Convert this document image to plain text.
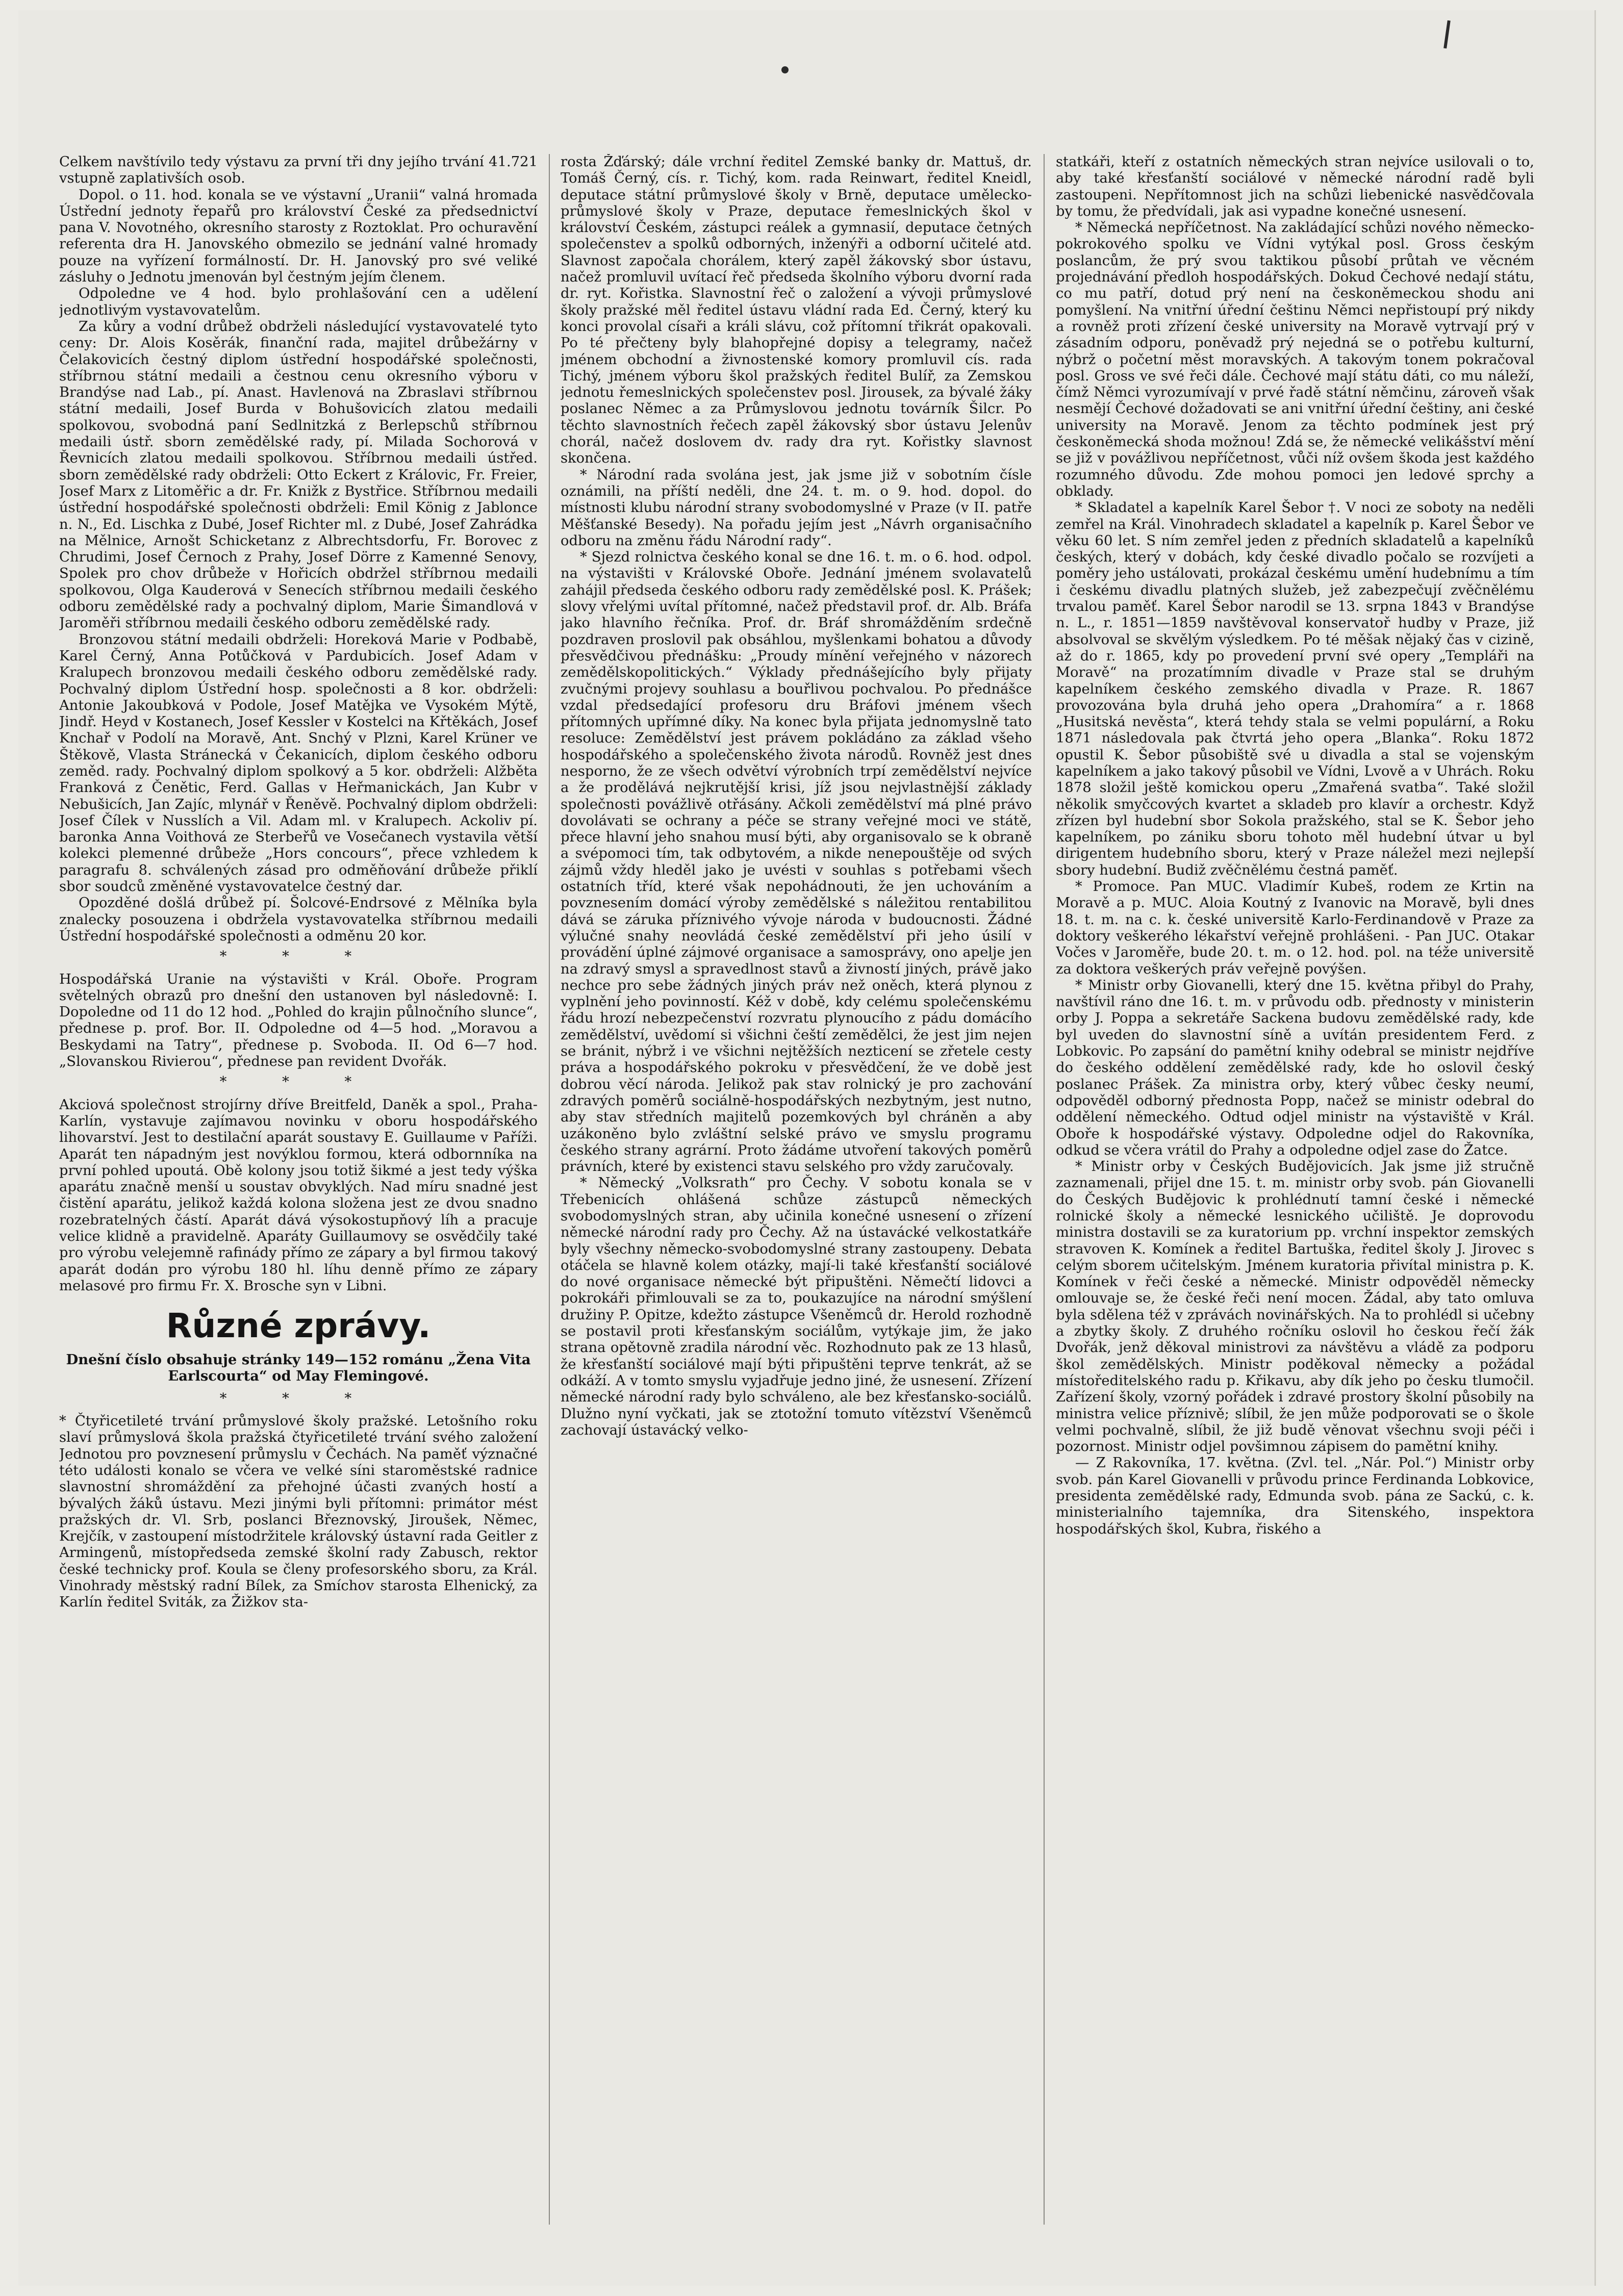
Celkem navštívilo tedy výstavu za první tři dny jejího trvání 41.721 vstupně zaplativších osob.

Dopol. o 11. hod. konala se ve výstavní „Uranii“ valná hromada Ústřední jednoty řepařů pro království České za předsednictví pana V. Novotného, okresního starosty z Roztoklat. Pro ochuravění referenta dra H. Janovského obmezilo se jednání valné hromady pouze na vyřízení formálností. Dr. H. Janovský pro své veliké zásluhy o Jednotu jmenován byl čestným jejím členem.

Odpoledne ve 4 hod. bylo prohlašování cen a udělení jednotlivým vystavovatelům.

Za kůry a vodní drůbež obdrželi následující vystavovatelé tyto ceny: Dr. Alois Kosěrák, finanční rada, majitel drůbežárny v Čelakovicích čestný diplom ústřední hospodářské společnosti, stříbrnou státní medaili a čestnou cenu okresního výboru v Brandýse nad Lab., pí. Anast. Havlenová na Zbraslavi stříbrnou státní medaili, Josef Burda v Bohušovicích zlatou medaili spolkovou, svobodná paní Sedlnitzká z Berlepschů stříbrnou medaili ústř. sborn zemědělské rady, pí. Milada Sochorová v Řevnicích zlatou medaili spolkovou. Stříbrnou medaili ústřed. sborn zemědělské rady obdrželi: Otto Eckert z Královic, Fr. Freier, Josef Marx z Litoměřic a dr. Fr. Knižk z Bystřice. Stříbrnou medaili ústřední hospodářské společnosti obdrželi: Emil König z Jablonce n. N., Ed. Lischka z Dubé, Josef Richter ml. z Dubé, Josef Zahrádka na Mělnice, Arnošt Schicketanz z Albrechtsdorfu, Fr. Borovec z Chrudimi, Josef Černoch z Prahy, Josef Dörre z Kamenné Senovy, Spolek pro chov drůbeže v Hořicích obdržel stříbrnou medaili spolkovou, Olga Kauderová v Senecích stříbrnou medaili českého odboru zemědělské rady a pochvalný diplom, Marie Šimandlová v Jaroměři stříbrnou medaili českého odboru zemědělské rady.

Bronzovou státní medaili obdrželi: Horeková Marie v Podbabě, Karel Černý, Anna Potůčková v Pardubicích. Josef Adam v Kralupech bronzovou medaili českého odboru zemědělské rady. Pochvalný diplom Ústřední hosp. společnosti a 8 kor. obdrželi: Antonie Jakoubková v Podole, Josef Matějka ve Vysokém Mýtě, Jindř. Heyd v Kostanech, Josef Kessler v Kostelci na Křtěkách, Josef Knchař v Podolí na Moravě, Ant. Snchý v Plzni, Karel Krüner ve Štěkově, Vlasta Stránecká v Čekanicích, diplom českého odboru zeměd. rady. Pochvalný diplom spolkový a 5 kor. obdrželi: Alžběta Franková z Čenětic, Ferd. Gallas v Heřmanickách, Jan Kubr v Nebušicích, Jan Zajíc, mlynář v Řeněvě. Pochvalný diplom obdrželi: Josef Čílek v Nusslích a Vil. Adam ml. v Kralupech. Ackoliv pí. baronka Anna Voithová ze Sterbeřů ve Vosečanech vystavila větší kolekci plemenné drůbeže „Hors concours“, přece vzhledem k paragrafu 8. schválených zásad pro odměňování drůbeže přiklí sbor soudců změněné vystavovatelce čestný dar.

Opozděné došlá drůbež pí. Šolcové-Endrsové z Mělníka byla znalecky posouzena i obdržela vystavovatelka stříbrnou medaili Ústřední hospodářské společnosti a odměnu 20 kor.

* * *

Hospodářská Uranie na výstavišti v Král. Oboře. Program světelných obrazů pro dnešní den ustanoven byl následovně: I. Dopoledne od 11 do 12 hod. „Pohled do krajin půlnočního slunce“, přednese p. prof. Bor. II. Odpoledne od 4—5 hod. „Moravou a Beskydami na Tatry“, přednese p. Svoboda. II. Od 6—7 hod. „Slovanskou Rivierou“, přednese pan revident Dvořák.

* * *

Akciová společnost strojírny dříve Breitfeld, Daněk a spol., Praha-Karlín, vystavuje zajímavou novinku v oboru hospodářského lihovarství. Jest to destilační aparát soustavy E. Guillaume v Paříži. Aparát ten nápadným jest novýklou formou, která odbornníka na první pohled upoutá. Obě kolony jsou totiž šikmé a jest tedy výška aparátu značně menší u soustav obvyklých. Nad míru snadné jest čistění aparátu, jelikož každá kolona složena jest ze dvou snadno rozebratelných částí. Aparát dává výsokostupňový líh a pracuje velice klidně a pravidelně. Aparáty Guillaumovy se osvědčily také pro výrobu velejemně rafinády přímo ze zápary a byl firmou takový aparát dodán pro výrobu 180 hl. líhu denně přímo ze zápary melasové pro firmu Fr. X. Brosche syn v Libni.

Různé zprávy.
Dnešní číslo obsahuje stránky 149—152 románu „Žena Vita Earlscourta“ od May Flemingové.
* * *

* Čtyřicetileté trvání průmyslové školy pražské. Letošního roku slaví průmyslová škola pražská čtyřicetileté trvání svého založení Jednotou pro povznesení průmyslu v Čechách. Na paměť význačné této události konalo se včera ve velké síni staroměstské radnice slavnostní shromáždění za přehojné účasti zvaných hostí a bývalých žáků ústavu. Mezi jinými byli přítomni: primátor mést pražských dr. Vl. Srb, poslanci Březnovský, Jiroušek, Němec, Krejčík, v zastoupení místodržitele královský ústavní rada Geitler z Armingenů, místopředseda zemské školní rady Zabusch, rektor české technicky prof. Koula se členy profesorského sboru, za Král. Vinohrady městský radní Bílek, za Smíchov starosta Elhenický, za Karlín ředitel Sviták, za Žižkov sta-

rosta Žďárský; dále vrchní ředitel Zemské banky dr. Mattuš, dr. Tomáš Černý, cís. r. Tichý, kom. rada Reinwart, ředitel Kneidl, deputace státní průmyslové školy v Brně, deputace umělecko-průmyslové školy v Praze, deputace řemeslnických škol v království Českém, zástupci reálek a gymnasií, deputace četných společenstev a spolků odborných, inženýři a odborní učitelé atd. Slavnost započala chorálem, který zapěl žákovský sbor ústavu, načež promluvil uvítací řeč předseda školního výboru dvorní rada dr. ryt. Kořistka. Slavnostní řeč o založení a vývoji průmyslové školy pražské měl ředitel ústavu vládní rada Ed. Černý, který ku konci provolal císaři a králi slávu, což přítomní třikrát opakovali. Po té přečteny byly blahopřejné dopisy a telegramy, načež jménem obchodní a živnostenské komory promluvil cís. rada Tichý, jménem výboru škol pražských ředitel Bulíř, za Zemskou jednotu řemeslnických společenstev posl. Jirousek, za bývalé žáky poslanec Němec a za Průmyslovou jednotu továrník Šilcr. Po těchto slavnostních řečech zapěl žákovský sbor ústavu Jelenův chorál, načež doslovem dv. rady dra ryt. Kořistky slavnost skončena.

* Národní rada svolána jest, jak jsme již v sobotním čísle oznámili, na příští neděli, dne 24. t. m. o 9. hod. dopol. do místnosti klubu národní strany svobodomyslné v Praze (v II. patře Měšťanské Besedy). Na pořadu jejím jest „Návrh organisačního odboru na změnu řádu Národní rady“.

* Sjezd rolnictva českého konal se dne 16. t. m. o 6. hod. odpol. na výstavišti v Královské Oboře. Jednání jménem svolavatelů zahájil předseda českého odboru rady zemědělské posl. K. Prášek; slovy vřelými uvítal přítomné, načež představil prof. dr. Alb. Bráfa jako hlavního řečníka. Prof. dr. Bráf shromážděním srdečně pozdraven proslovil pak obsáhlou, myšlenkami bohatou a důvody přesvědčivou přednášku: „Proudy mínění veřejného v názorech zemědělskopolitických.“ Výklady přednášejícího byly přijaty zvučnými projevy souhlasu a bouřlivou pochvalou. Po přednášce vzdal předsedající profesoru dru Bráfovi jménem všech přítomných upřímné díky. Na konec byla přijata jednomyslně tato resoluce: Zemědělství jest právem pokládáno za základ všeho hospodářského a společenského života národů. Rovněž jest dnes nesporno, že ze všech odvětví výrobních trpí zemědělství nejvíce a že prodělává nejkrutější krisi, jíž jsou nejvlastnější základy společnosti povážlivě otřásány. Ačkoli zemědělství má plné právo dovolávati se ochrany a péče se strany veřejné moci ve státě, přece hlavní jeho snahou musí býti, aby organisovalo se k obraně a svépomoci tím, tak odbytovém, a nikde nenepouštěje od svých zájmů vždy hleděl jako je uvésti v souhlas s potřebami všech ostatních tříd, které však nepohádnouti, že jen uchováním a povznesením domácí výroby zemědělské s náležitou rentabilitou dává se záruka příznivého vývoje národa v budoucnosti. Žádné výlučné snahy neovládá české zemědělství při jeho úsilí v provádění úplné zájmové organisace a samosprávy, ono apelje jen na zdravý smysl a spravedlnost stavů a živností jiných, právě jako nechce pro sebe žádných jiných práv než oněch, která plynou z vyplnění jeho povinností. Kéž v době, kdy celému společenskému řádu hrozí nebezpečenství rozvratu plynoucího z pádu domácího zemědělství, uvědomí si všichni čeští zemědělci, že jest jim nejen se bránit, nýbrž i ve všichni nejtěžších nezticení se zřetele cesty práva a hospodářského pokroku v přesvědčení, že ve době jest dobrou věcí národa. Jelikož pak stav rolnický je pro zachování zdravých poměrů sociálně-hospodářských nezbytným, jest nutno, aby stav středních majitelů pozemkových byl chráněn a aby uzákoněno bylo zvláštní selské právo ve smyslu programu českého strany agrární. Proto žádáme utvoření takových poměrů právních, které by existenci stavu selského pro vždy zaručovaly.

* Německý „Volksrath“ pro Čechy. V sobotu konala se v Třebenicích ohlášená schůze zástupců německých svobodomyslných stran, aby učinila konečné usnesení o zřízení německé národní rady pro Čechy. Až na ústavácké velkostatkáře byly všechny německo-svobodomyslné strany zastoupeny. Debata otáčela se hlavně kolem otázky, mají-li také křesťanští sociálové do nové organisace německé být připuštěni. Němečtí lidovci a pokrokáři přimlouvali se za to, poukazujíce na národní smýšlení družiny P. Opitze, kdežto zástupce Všeněmců dr. Herold rozhodně se postavil proti křesťanským sociálům, vytýkaje jim, že jako strana opětovně zradila národní věc. Rozhodnuto pak ze 13 hlasů, že křesťanští sociálové mají býti připuštěni teprve tenkrát, až se odkáží. A v tomto smyslu vyjadřuje jedno jiné, že usnesení. Zřízení německé národní rady bylo schváleno, ale bez křesťansko-sociálů. Dlužno nyní vyčkati, jak se ztotožní tomuto vítězství Všeněmců zachovají ústavácký velko-

statkáři, kteří z ostatních německých stran nejvíce usilovali o to, aby také křesťanští sociálové v německé národní radě byli zastoupeni. Nepřítomnost jich na schůzi liebenické nasvědčovala by tomu, že předvídali, jak asi vypadne konečné usnesení.

* Německá nepříčetnost. Na zakládající schůzi nového německo-pokrokového spolku ve Vídni vytýkal posl. Gross českým poslancům, že prý svou taktikou působí průtah ve věcném projednávání předloh hospodářských. Dokud Čechové nedají státu, co mu patří, dotud prý není na českoněmeckou shodu ani pomyšlení. Na vnitřní úřední češtinu Němci nepřistoupí prý nikdy a rovněž proti zřízení české university na Moravě vytrvají prý v zásadním odporu, poněvadž prý nejedná se o potřebu kulturní, nýbrž o početní měst moravských. A takovým tonem pokračoval posl. Gross ve své řeči dále. Čechové mají státu dáti, co mu náleží, čímž Němci vyrozumívají v prvé řadě státní němčinu, zároveň však nesmějí Čechové dožadovati se ani vnitřní úřední češtiny, ani české university na Moravě. Jenom za těchto podmínek jest prý českoněmecká shoda možnou! Zdá se, že německé velikášství mění se již v povážlivou nepříčetnost, vůči níž ovšem škoda jest každého rozumného důvodu. Zde mohou pomoci jen ledové sprchy a obklady.

* Skladatel a kapelník Karel Šebor †. V noci ze soboty na neděli zemřel na Král. Vinohradech skladatel a kapelník p. Karel Šebor ve věku 60 let. S ním zemřel jeden z předních skladatelů a kapelníků českých, který v dobách, kdy české divadlo počalo se rozvíjeti a poměry jeho ustálovati, prokázal českému umění hudebnímu a tím i českému divadlu platných služeb, jež zabezpečují zvěčnělému trvalou paměť. Karel Šebor narodil se 13. srpna 1843 v Brandýse n. L., r. 1851—1859 navštěvoval konservatoř hudby v Praze, již absolvoval se skvělým výsledkem. Po té měšak nějaký čas v cizině, až do r. 1865, kdy po provedení první své opery „Templáři na Moravě“ na prozatímním divadle v Praze stal se druhým kapelníkem českého zemského divadla v Praze. R. 1867 provozována byla druhá jeho opera „Drahomíra“ a r. 1868 „Husitská nevěsta“, která tehdy stala se velmi populární, a Roku 1871 následovala pak čtvrtá jeho opera „Blanka“. Roku 1872 opustil K. Šebor působiště své u divadla a stal se vojenským kapelníkem a jako takový působil ve Vídni, Lvově a v Uhrách. Roku 1878 složil ještě komickou operu „Zmařená svatba“. Také složil několik smyčcových kvartet a skladeb pro klavír a orchestr. Když zřízen byl hudební sbor Sokola pražského, stal se K. Šebor jeho kapelníkem, po zániku sboru tohoto měl hudební útvar u byl dirigentem hudebního sboru, který v Praze náležel mezi nejlepší sbory hudební. Budiž zvěčnělému čestná paměť.

* Promoce. Pan MUC. Vladimír Kubeš, rodem ze Krtin na Moravě a p. MUC. Aloia Koutný z Ivanovic na Moravě, byli dnes 18. t. m. na c. k. české universitě Karlo-Ferdinandově v Praze za doktory veškerého lékařství veřejně prohlášeni. - Pan JUC. Otakar Vočes v Jaroměře, bude 20. t. m. o 12. hod. pol. na téže universitě za doktora veškerých práv veřejně povýšen.

* Ministr orby Giovanelli, který dne 15. května přibyl do Prahy, navštívil ráno dne 16. t. m. v průvodu odb. přednosty v ministerin orby J. Poppa a sekretáře Sackena budovu zemědělské rady, kde byl uveden do slavnostní síně a uvítán presidentem Ferd. z Lobkovic. Po zapsání do pamětní knihy odebral se ministr nejdříve do českého oddělení zemědělské rady, kde ho oslovil český poslanec Prášek. Za ministra orby, který vůbec česky neumí, odpověděl odborný přednosta Popp, načež se ministr odebral do oddělení německého. Odtud odjel ministr na výstaviště v Král. Oboře k hospodářské výstavy. Odpoledne odjel do Rakovníka, odkud se včera vrátil do Prahy a odpoledne odjel zase do Žatce.

* Ministr orby v Českých Budějovicích. Jak jsme již stručně zaznamenali, přijel dne 15. t. m. ministr orby svob. pán Giovanelli do Českých Budějovic k prohlédnutí tamní české i německé rolnické školy a německé lesnického učiliště. Je doprovodu ministra dostavili se za kuratorium pp. vrchní inspektor zemských stravoven K. Komínek a ředitel Bartuška, ředitel školy J. Jirovec s celým sborem učitelským. Jménem kuratoria přivítal ministra p. K. Komínek v řeči české a německé. Ministr odpověděl německy omlouvaje se, že české řeči není mocen. Žádal, aby tato omluva byla sdělena též v zprávách novinářských. Na to prohlédl si učebny a zbytky školy. Z druhého ročníku oslovil ho českou řečí žák Dvořák, jenž děkoval ministrovi za návštěvu a vládě za podporu škol zemědělských. Ministr poděkoval německy a požádal místoředitelského radu p. Křikavu, aby dík jeho po česku tlumočil. Zařízení školy, vzorný pořádek i zdravé prostory školní působily na ministra velice příznivě; slíbil, že jen může podporovati se o škole velmi pochvalně, slíbil, že již budě věnovat všechnu svoji péči i pozornost. Ministr odjel povšimnou zápisem do pamětní knihy.

— Z Rakovníka, 17. května. (Zvl. tel. „Nár. Pol.“) Ministr orby svob. pán Karel Giovanelli v průvodu prince Ferdinanda Lobkovice, presidenta zemědělské rady, Edmunda svob. pána ze Sackú, c. k. ministerialního tajemníka, dra Sitenského, inspektora hospodářských škol, Kubra, řiského a
